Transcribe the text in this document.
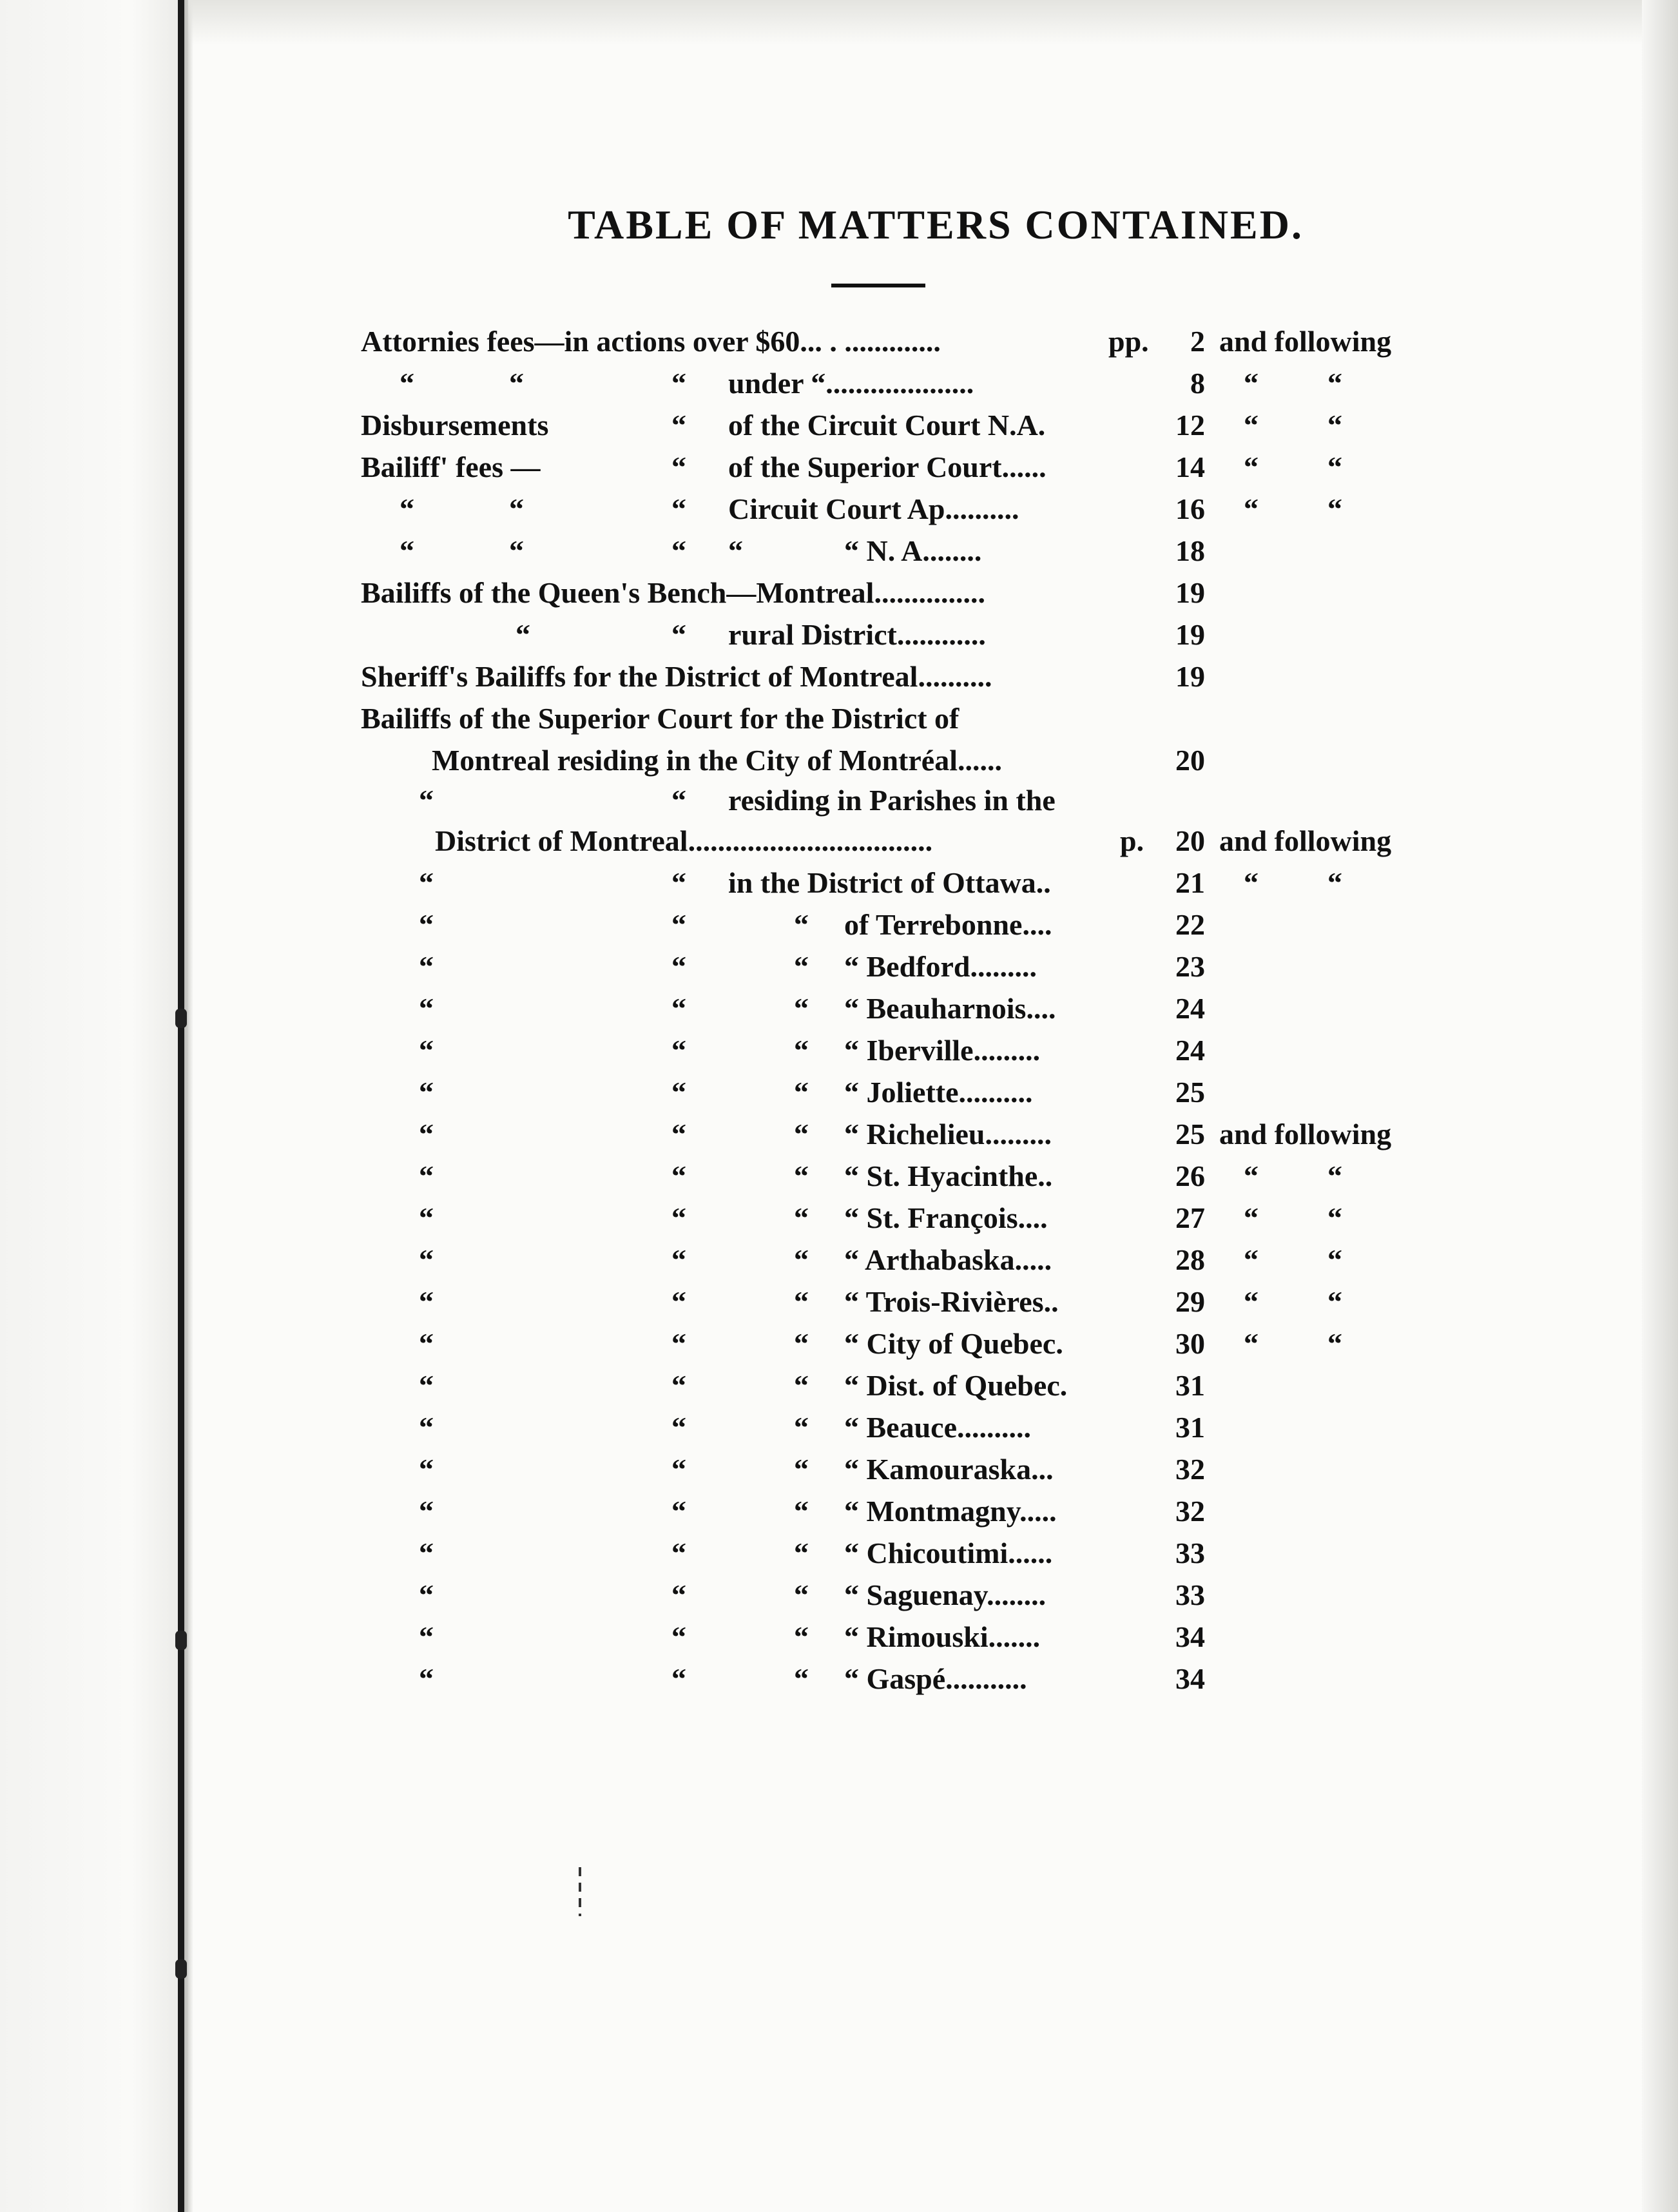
TABLE OF MATTERS CONTAINED.
Attornies fees—in actions over $60... . .............	pp.	2 and following
“	“	“ under “....................	8 “ “
Disbursements	“ of the Circuit Court N.A.	12 “ “
Bailiff' fees —	“ of the Superior Court......	14 “ “
“	“	“ Circuit Court Ap..........	16 “ “
“	“	“ “	“ N. A........	18
Bailiffs of the Queen's Bench—Montreal...............	19
“	“ rural District............	19
Sheriff's Bailiffs for the District of Montreal..........	19
Bailiffs of the Superior Court for the District of
Montreal residing in the City of Montréal......	20
“	“ residing in Parishes in the
District of Montreal.................................	p.	20 and following
“	“ in the District of Ottawa..	21 “ “
“	“	“ of Terrebonne....	22
“	“	“ “ Bedford.........	23
“	“	“ “ Beauharnois....	24
“	“	“ “ Iberville.........	24
“	“	“ “ Joliette..........	25
“	“	“ “ Richelieu.........	25 and following
“	“	“ “ St. Hyacinthe..	26 “ “
“	“	“ “ St. François....	27 “ “
“	“	“ “ Arthabaska.....	28 “ “
“	“	“ “ Trois-Rivières..	29 “ “
“	“	“ “ City of Quebec.	30 “ “
“	“	“ “ Dist. of Quebec.	31
“	“	“ “ Beauce..........	31
“	“	“ “ Kamouraska...	32
“	“	“ “ Montmagny.....	32
“	“	“ “ Chicoutimi......	33
“	“	“ “ Saguenay........	33
“	“	“ “ Rimouski.......	34
“	“	“ “ Gaspé...........	34
